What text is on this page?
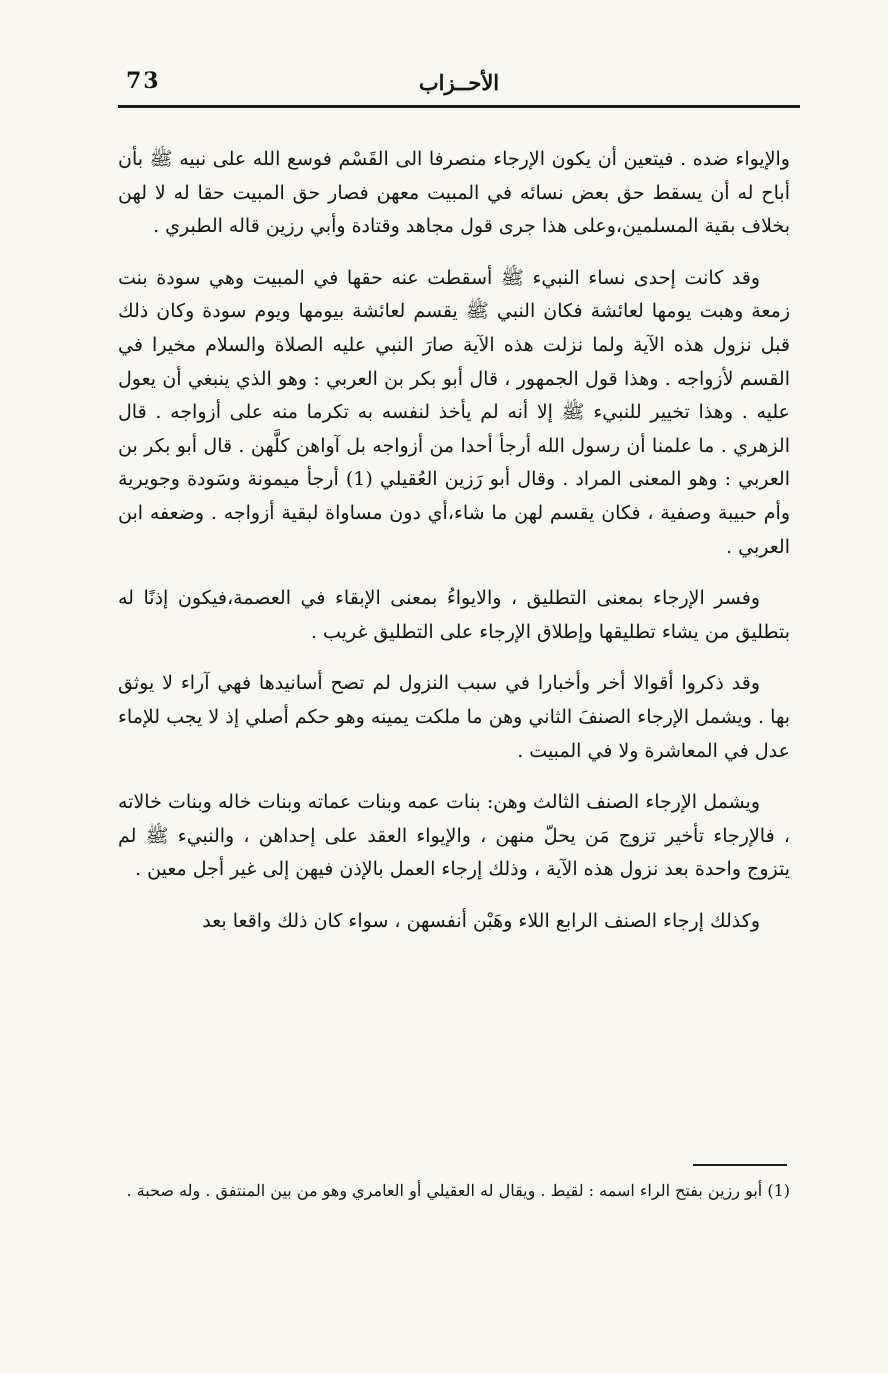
الأحــزاب
73

والإيواء ضده . فيتعين أن يكون الإرجاء منصرفا الى القَسْم فوسع الله على نبيه ﷺ بأن أباح له أن يسقط حق بعض نسائه في المبيت معهن فصار حق المبيت حقا له لا لهن بخلاف بقية المسلمين،وعلى هذا جرى قول مجاهد وقتادة وأبي رزين قاله الطبري .

وقد كانت إحدى نساء النبيء ﷺ أسقطت عنه حقها في المبيت وهي سودة بنت زمعة وهبت يومها لعائشة فكان النبي ﷺ يقسم لعائشة بيومها ويوم سودة وكان ذلك قبل نزول هذه الآية ولما نزلت هذه الآية صارَ النبي عليه الصلاة والسلام مخيرا في القسم لأزواجه . وهذا قول الجمهور ، قال أبو بكر بن العربي : وهو الذي ينبغي أن يعول عليه . وهذا تخيير للنبيء ﷺ إلا أنه لم يأخذ لنفسه به تكرما منه على أزواجه . قال الزهري . ما علمنا أن رسول الله أرجأ أحدا من أزواجه بل آواهن كلَّهن . قال أبو بكر بن العربي : وهو المعنى المراد . وقال أبو رَزين العُقيلي (1) أرجأ ميمونة وسَودة وجويرية وأم حبيبة وصفية ، فكان يقسم لهن ما شاء،أي دون مساواة لبقية أزواجه . وضعفه ابن العربي .

وفسر الإرجاء بمعنى التطليق ، والايواءُ بمعنى الإبقاء في العصمة،فيكون إذنًا له بتطليق من يشاء تطليقها وإطلاق الإرجاء على التطليق غريب .

وقد ذكروا أقوالا أخر وأخبارا في سبب النزول لم تصح أسانيدها فهي آراء لا يوثق بها . ويشمل الإرجاء الصنفَ الثاني وهن ما ملكت يمينه وهو حكم أصلي إذ لا يجب للإماء عدل في المعاشرة ولا في المبيت .

ويشمل الإرجاء الصنف الثالث وهن: بنات عمه وبنات عماته وبنات خاله وبنات خالاته ، فالإرجاء تأخير تزوج مَن يحلّ منهن ، والإيواء العقد على إحداهن ، والنبيء ﷺ لم يتزوج واحدة بعد نزول هذه الآية ، وذلك إرجاء العمل بالإذن فيهن إلى غير أجل معين .

وكذلك إرجاء الصنف الرابع اللاء وهَبْن أنفسهن ، سواء كان ذلك واقعا بعد

(1) أبو رزين بفتح الراء اسمه : لقيط . ويقال له العقيلي أو العامري وهو من بين المنتفق . وله صحبة .
